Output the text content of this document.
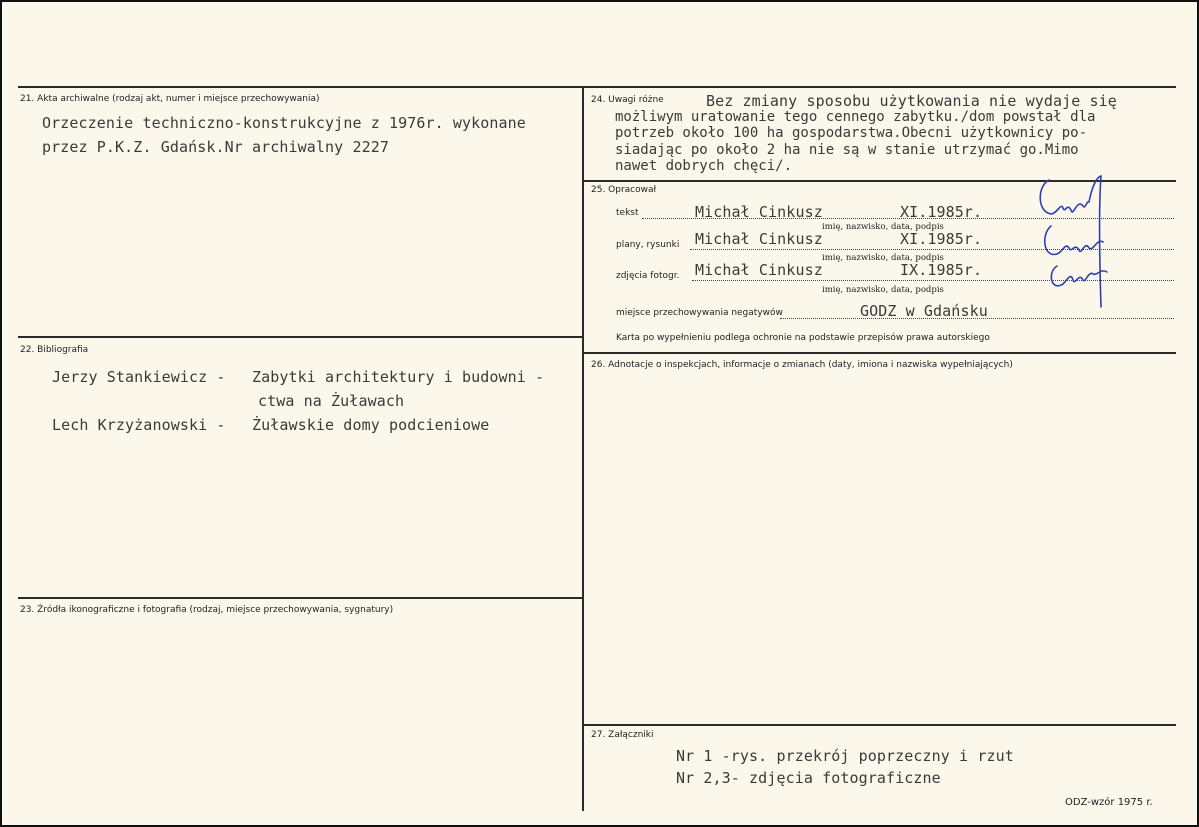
21. Akta archiwalne (rodzaj akt, numer i miejsce przechowywania)
Orzeczenie techniczno-konstrukcyjne z 1976r. wykonane
przez P.K.Z. Gdańsk.Nr archiwalny 2227
22. Bibliografia
Jerzy Stankiewicz - Zabytki architektury i budowni -
ctwa na Żuławach
Lech Krzyżanowski - Żuławskie domy podcieniowe
23. Źródła ikonograficzne i fotografia (rodzaj, miejsce przechowywania, sygnatury)
24. Uwagi różne	Bez zmiany sposobu użytkowania nie wydaje się
możliwym uratowanie tego cennego zabytku./dom powstał dla
potrzeb około 100 ha gospodarstwa.Obecni użytkownicy po-
siadając po około 2 ha nie są w stanie utrzymać go.Mimo
nawet dobrych chęci/.
25. Opracował
tekst	Michał Cinkusz	XI.1985r.
imię, nazwisko, data, podpis
plany, rysunki Michał Cinkusz	XI.1985r.
imię, nazwisko, data, podpis
zdjęcia fotogr. Michał Cinkusz	IX.1985r.
imię, nazwisko, data, podpis
miejsce przechowywania negatywów	GODZ w Gdańsku
Karta po wypełnieniu podlega ochronie na podstawie przepisów prawa autorskiego
26. Adnotacje o inspekcjach, informacje o zmianach (daty, imiona i nazwiska wypełniających)
27. Załączniki
Nr 1 -rys. przekrój poprzeczny i rzut
Nr 2,3- zdjęcia fotograficzne
ODZ-wzór 1975 r.
